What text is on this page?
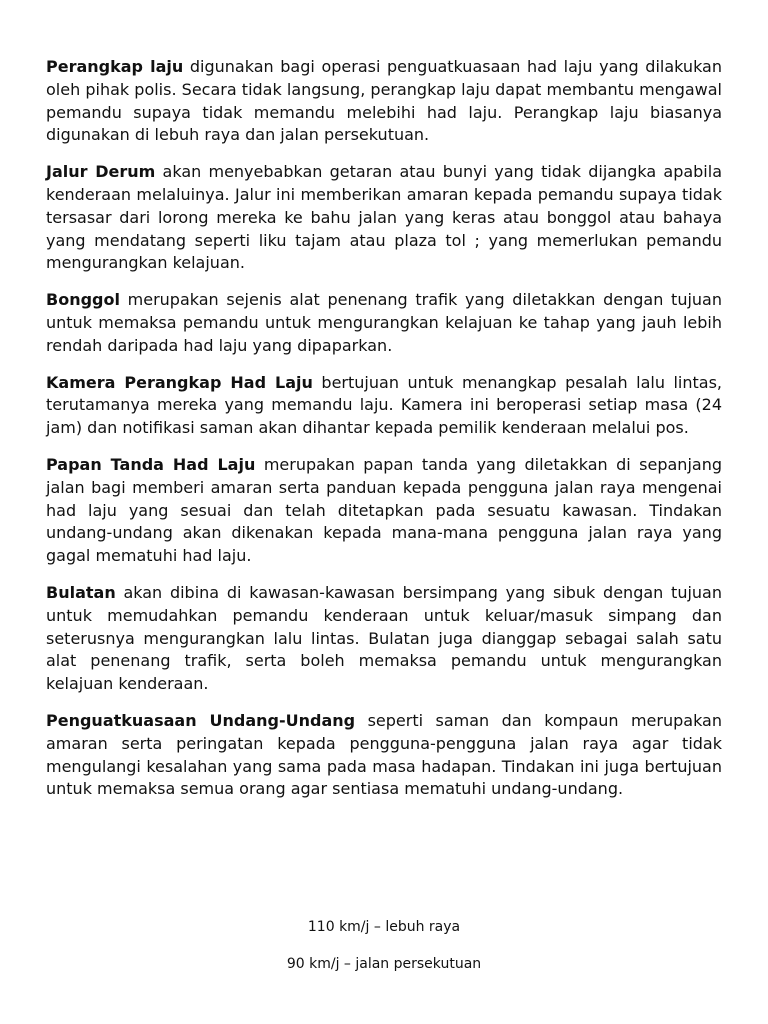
Perangkap laju digunakan bagi operasi penguatkuasaan had laju yang dilakukan oleh pihak polis. Secara tidak langsung, perangkap laju dapat membantu mengawal pemandu supaya tidak memandu melebihi had laju. Perangkap laju biasanya digunakan di lebuh raya dan jalan persekutuan.

Jalur Derum akan menyebabkan getaran atau bunyi yang tidak dijangka apabila kenderaan melaluinya. Jalur ini memberikan amaran kepada pemandu supaya tidak tersasar dari lorong mereka ke bahu jalan yang keras atau bonggol atau bahaya yang mendatang seperti liku tajam atau plaza tol ; yang memerlukan pemandu mengurangkan kelajuan.

Bonggol merupakan sejenis alat penenang trafik yang diletakkan dengan tujuan untuk memaksa pemandu untuk mengurangkan kelajuan ke tahap yang jauh lebih rendah daripada had laju yang dipaparkan.

Kamera Perangkap Had Laju bertujuan untuk menangkap pesalah lalu lintas, terutamanya mereka yang memandu laju. Kamera ini beroperasi setiap masa (24 jam) dan notifikasi saman akan dihantar kepada pemilik kenderaan melalui pos.

Papan Tanda Had Laju merupakan papan tanda yang diletakkan di sepanjang jalan bagi memberi amaran serta panduan kepada pengguna jalan raya mengenai had laju yang sesuai dan telah ditetapkan pada sesuatu kawasan. Tindakan undang-undang akan dikenakan kepada mana-mana pengguna jalan raya yang gagal mematuhi had laju.

Bulatan akan dibina di kawasan-kawasan bersimpang yang sibuk dengan tujuan untuk memudahkan pemandu kenderaan untuk keluar/masuk simpang dan seterusnya mengurangkan lalu lintas. Bulatan juga dianggap sebagai salah satu alat penenang trafik, serta boleh memaksa pemandu untuk mengurangkan kelajuan kenderaan.

Penguatkuasaan Undang-Undang seperti saman dan kompaun merupakan amaran serta peringatan kepada pengguna-pengguna jalan raya agar tidak mengulangi kesalahan yang sama pada masa hadapan. Tindakan ini juga bertujuan untuk memaksa semua orang agar sentiasa mematuhi undang-undang.

110 km/j – lebuh raya
90 km/j – jalan persekutuan
